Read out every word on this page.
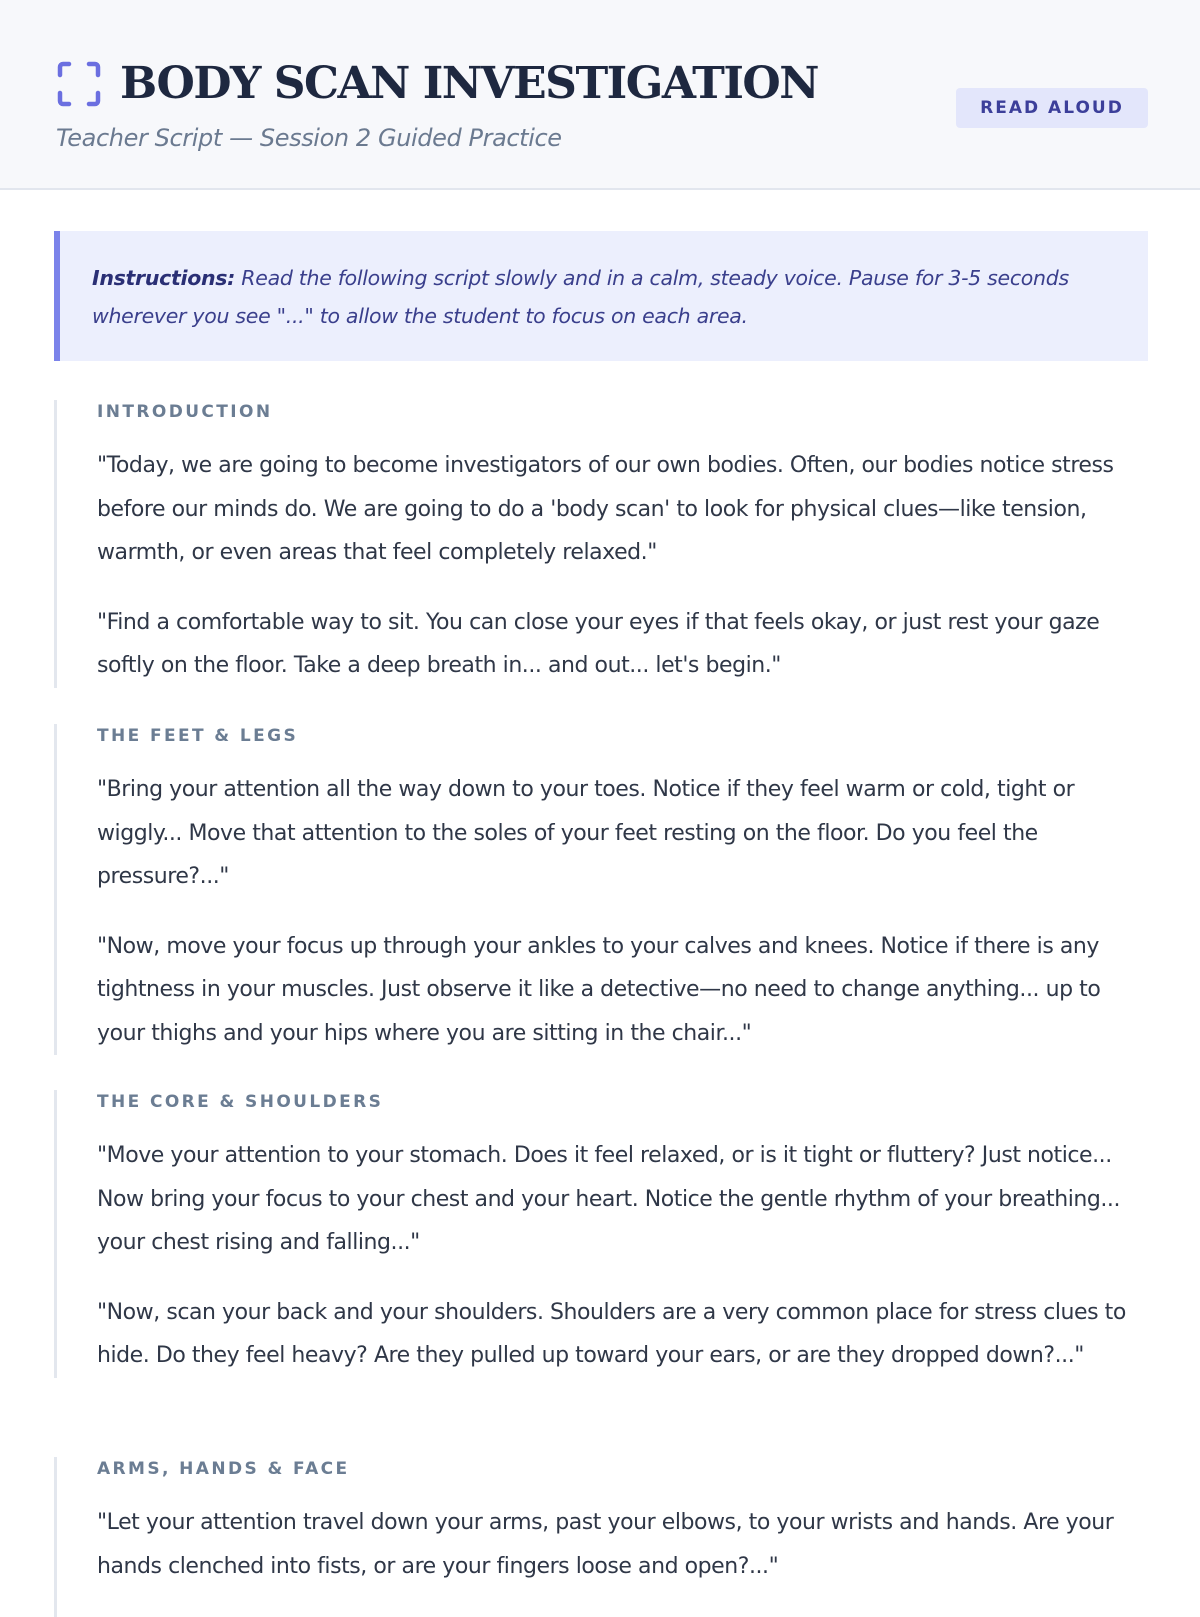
BODY SCAN INVESTIGATION
Teacher Script — Session 2 Guided Practice
READ ALOUD
Instructions: Read the following script slowly and in a calm, steady voice. Pause for 3-5 seconds wherever you see "..." to allow the student to focus on each area.
INTRODUCTION

"Today, we are going to become investigators of our own bodies. Often, our bodies notice stress before our minds do. We are going to do a 'body scan' to look for physical clues—like tension, warmth, or even areas that feel completely relaxed."

"Find a comfortable way to sit. You can close your eyes if that feels okay, or just rest your gaze softly on the floor. Take a deep breath in... and out... let's begin."

THE FEET & LEGS

"Bring your attention all the way down to your toes. Notice if they feel warm or cold, tight or wiggly... Move that attention to the soles of your feet resting on the floor. Do you feel the pressure?..."

"Now, move your focus up through your ankles to your calves and knees. Notice if there is any tightness in your muscles. Just observe it like a detective—no need to change anything... up to your thighs and your hips where you are sitting in the chair..."

THE CORE & SHOULDERS

"Move your attention to your stomach. Does it feel relaxed, or is it tight or fluttery? Just notice... Now bring your focus to your chest and your heart. Notice the gentle rhythm of your breathing... your chest rising and falling..."

"Now, scan your back and your shoulders. Shoulders are a very common place for stress clues to hide. Do they feel heavy? Are they pulled up toward your ears, or are they dropped down?..."

ARMS, HANDS & FACE

"Let your attention travel down your arms, past your elbows, to your wrists and hands. Are your hands clenched into fists, or are your fingers loose and open?..."
